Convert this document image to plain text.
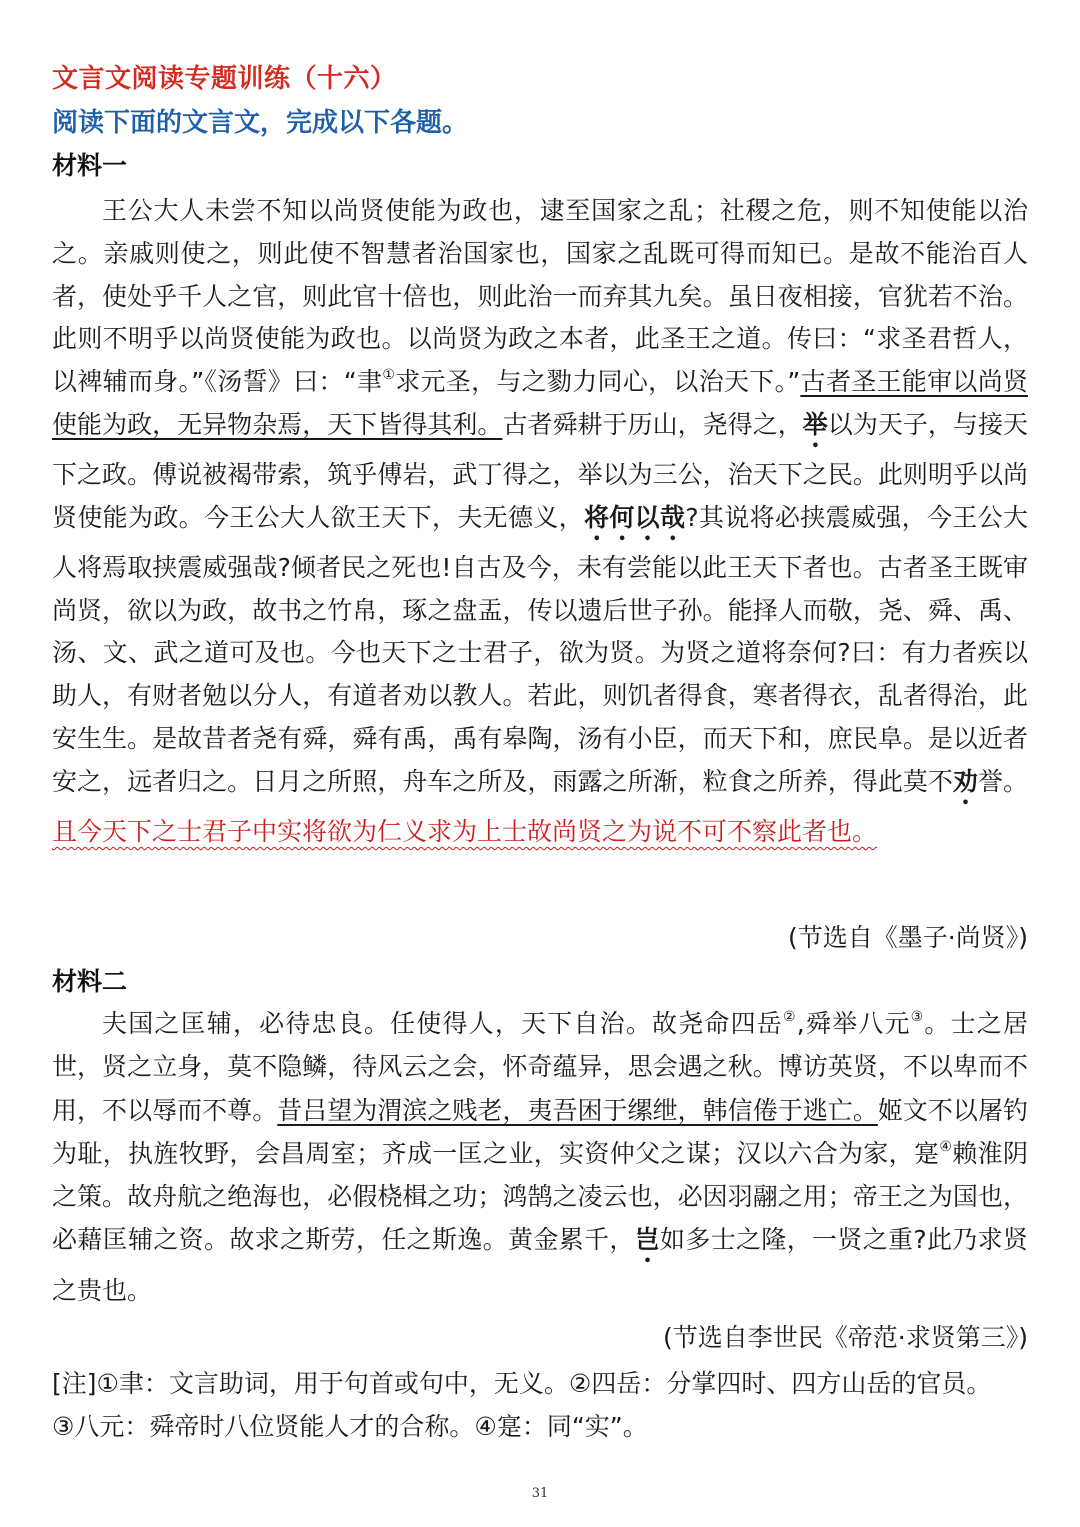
文言文阅读专题训练（十六）
阅读下面的文言文，完成以下各题。
材料一

王公大人未尝不知以尚贤使能为政也，逮至国家之乱；社稷之危，则不知使能以治之。亲戚则使之，则此使不智慧者治国家也，国家之乱既可得而知已。是故不能治百人者，使处乎千人之官，则此官十倍也，则此治一而弃其九矣。虽日夜相接，官犹若不治。此则不明乎以尚贤使能为政也。以尚贤为政之本者，此圣王之道。传曰：“求圣君哲人，以裨辅而身。”《汤誓》曰：“聿①求元圣，与之勠力同心，以治天下。”古者圣王能审以尚贤使能为政，无异物杂焉，天下皆得其利。古者舜耕于历山，尧得之，举以为天子，与接天下之政。傅说被褐带索，筑乎傅岩，武丁得之，举以为三公，治天下之民。此则明乎以尚贤使能为政。今王公大人欲王天下，夫无德义，将何以哉?其说将必挟震威强，今王公大人将焉取挟震威强哉?倾者民之死也!自古及今，未有尝能以此王天下者也。古者圣王既审尚贤，欲以为政，故书之竹帛，琢之盘盂，传以遗后世子孙。能择人而敬，尧、舜、禹、汤、文、武之道可及也。今也天下之士君子，欲为贤。为贤之道将奈何?曰：有力者疾以助人，有财者勉以分人，有道者劝以教人。若此，则饥者得食，寒者得衣，乱者得治，此安生生。是故昔者尧有舜，舜有禹，禹有皋陶，汤有小臣，而天下和，庶民阜。是以近者安之，远者归之。日月之所照，舟车之所及，雨露之所渐，粒食之所养，得此莫不劝誉。且今天下之士君子中实将欲为仁义求为上士故尚贤之为说不可不察此者也。

(节选自《墨子·尚贤》)
材料二

夫国之匡辅，必待忠良。任使得人，天下自治。故尧命四岳②,舜举八元③。士之居世，贤之立身，莫不隐鳞，待风云之会，怀奇蕴异，思会遇之秋。博访英贤，不以卑而不用，不以辱而不尊。昔吕望为渭滨之贱老，夷吾困于缧绁，韩信倦于逃亡。姬文不以屠钓为耻，执旌牧野，会昌周室；齐成一匡之业，实资仲父之谋；汉以六合为家，寔④赖淮阴之策。故舟航之绝海也，必假桡楫之功；鸿鹄之凌云也，必因羽翮之用；帝王之为国也，必藉匡辅之资。故求之斯劳，任之斯逸。黄金累千，岂如多士之隆，一贤之重?此乃求贤之贵也。

(节选自李世民《帝范·求贤第三》)
[注]①聿：文言助词，用于句首或句中，无义。②四岳：分掌四时、四方山岳的官员。
③八元：舜帝时八位贤能人才的合称。④寔：同“实”。
31
